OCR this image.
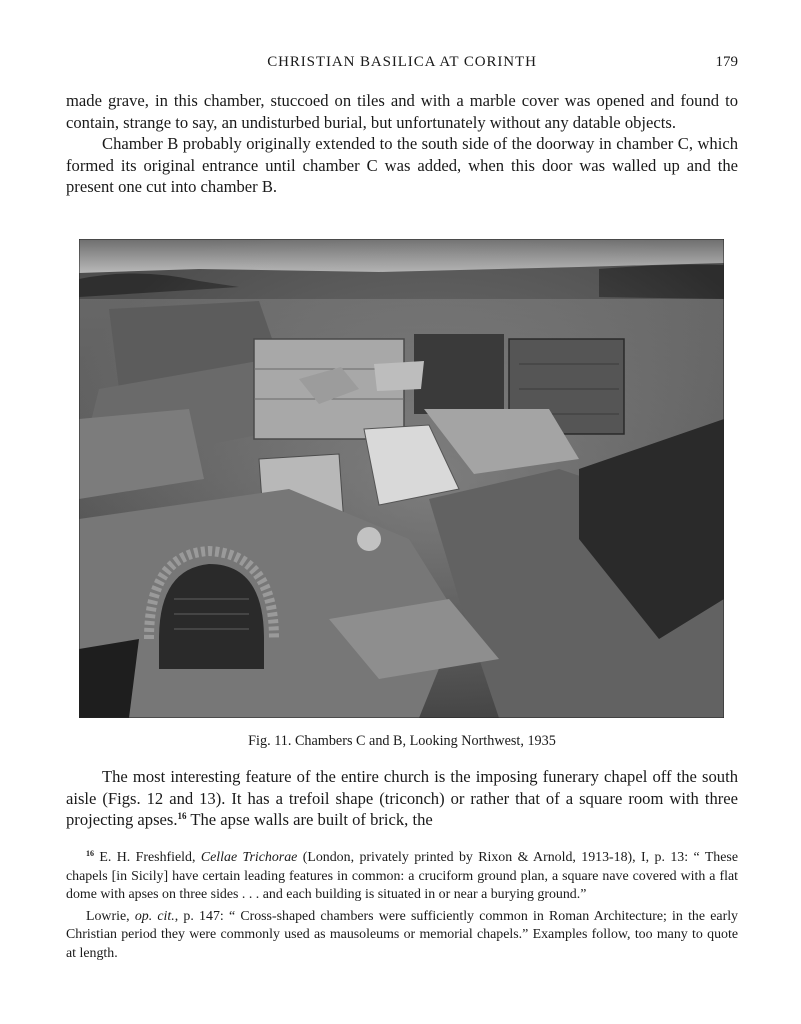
CHRISTIAN BASILICA AT CORINTH	179

made grave, in this chamber, stuccoed on tiles and with a marble cover was opened and found to contain, strange to say, an undisturbed burial, but unfortunately without any datable objects.

Chamber B probably originally extended to the south side of the doorway in chamber C, which formed its original entrance until chamber C was added, when this door was walled up and the present one cut into chamber B.

Fig. 11. Chambers C and B, Looking Northwest, 1935

The most interesting feature of the entire church is the imposing funerary chapel off the south aisle (Figs. 12 and 13). It has a trefoil shape (triconch) or rather that of a square room with three projecting apses.$^{16}$ The apse walls are built of brick, the

$^{16}$ E. H. Freshfield, Cellae Trichorae (London, privately printed by Rixon & Arnold, 1913-18), I, p. 13: “ These chapels [in Sicily] have certain leading features in common: a cruciform ground plan, a square nave covered with a flat dome with apses on three sides . . . and each building is situated in or near a burying ground.”

Lowrie, op. cit., p. 147: “ Cross-shaped chambers were sufficiently common in Roman Architecture; in the early Christian period they were commonly used as mausoleums or memorial chapels.” Examples follow, too many to quote at length.
